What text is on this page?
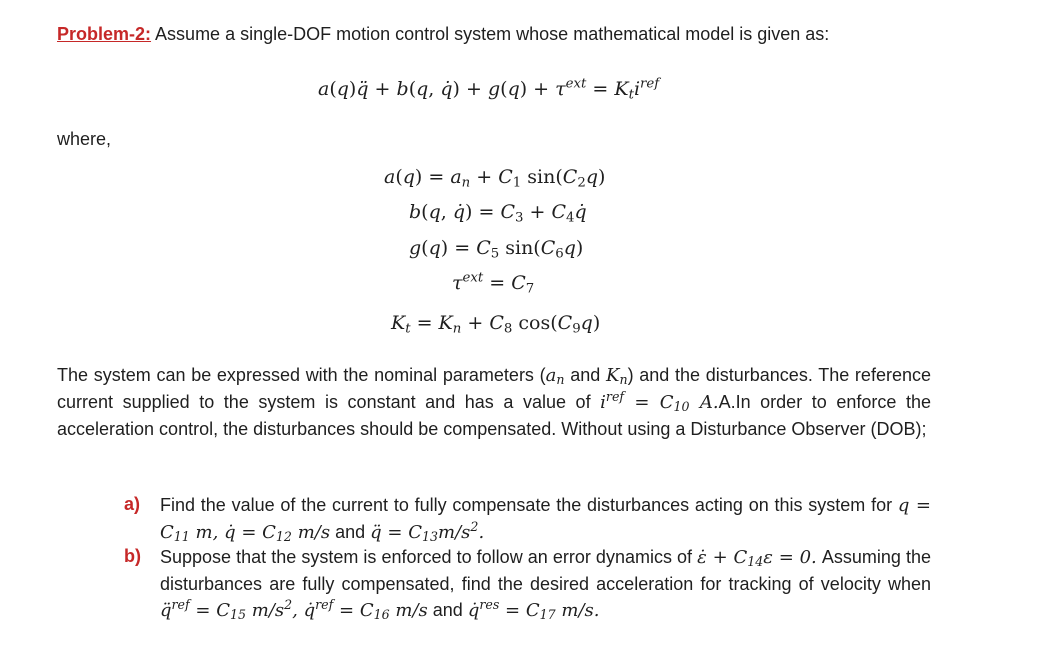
Problem-2: Assume a single-DOF motion control system whose mathematical model is given as:
a(q)q̈ + b(q, q̇) + $g(q) + \tau^{ext} = K_ti^{ref}$
where,
$a(q) = a_n + C_1$ $\sin(C_2q)$
b(q, q̇) = $C_3$ + $C_4q̇$
$g(q) = C_5$ $\sin(C_6q)$
$\tau^{ext} = C_7$
$K_t = K_n + C_8$ $\cos(C_9q)$
The system can be expressed with the nominal parameters ($a_n$ and $K_n$) and the disturbances. The reference current supplied to the system is constant and has a value of $i^{ref} = C_{10}$ A.A.In order to enforce the acceleration control, the disturbances should be compensated. Without using a Disturbance Observer (DOB);
a) Find the value of the current to fully compensate the disturbances acting on this system for $q = C_{11}$ m, q̇ = $C_{12}$ m/s and q̈ = $C_{13}m/s^2$.
b) Suppose that the system is enforced to follow an error dynamics of ε̇ + $C_{14}\varepsilon = 0$. Assuming the disturbances are fully compensated, find the desired acceleration for tracking of velocity when q̈$^{ref}$ = $C_{15}$ $m/s^2$, q̇$^{ref}$ = $C_{16}$ m/s and q̇$^{res}$ = $C_{17}$ m/s.
